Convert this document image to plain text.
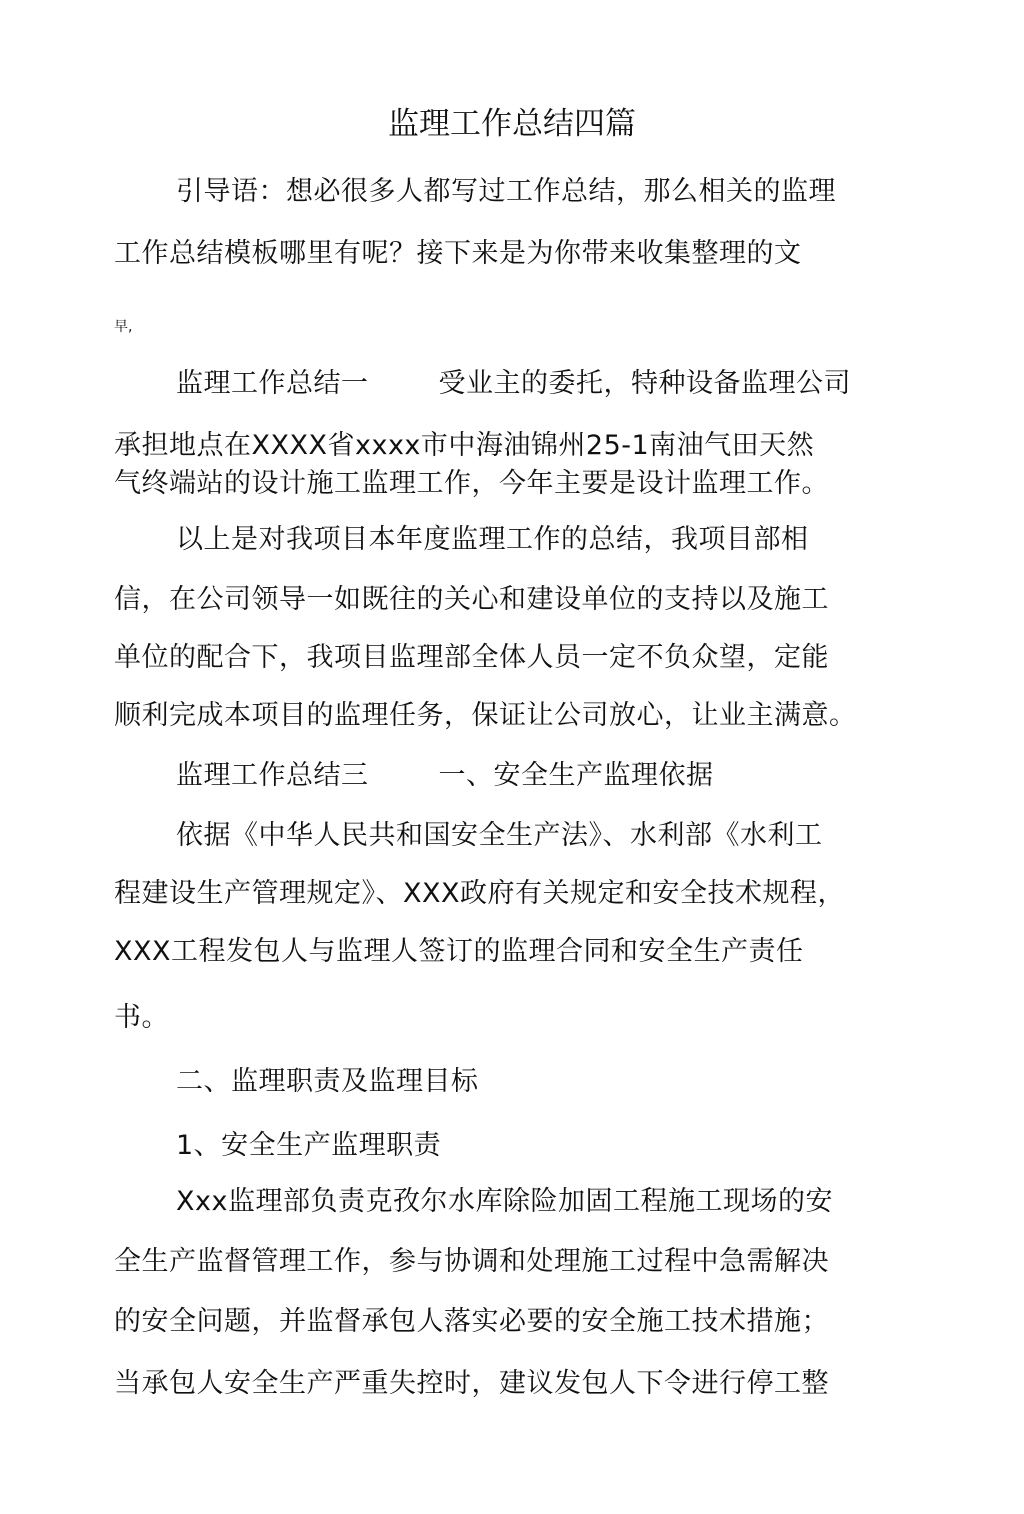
监理工作总结四篇
引导语：想必很多人都写过工作总结，那么相关的监理
工作总结模板哪里有呢？接下来是为你带来收集整理的文
早,
监理工作总结一	受业主的委托，特种设备监理公司
承担地点在XXXX省xxxx市中海油锦州25-1南油气田天然
气终端站的设计施工监理工作，今年主要是设计监理工作。
以上是对我项目本年度监理工作的总结，我项目部相
信，在公司领导一如既往的关心和建设单位的支持以及施工
单位的配合下，我项目监理部全体人员一定不负众望，定能
顺利完成本项目的监理任务，保证让公司放心，让业主满意。
监理工作总结三	一、安全生产监理依据
依据《中华人民共和国安全生产法》、水利部《水利工
程建设生产管理规定》、XXX政府有关规定和安全技术规程，
XXX工程发包人与监理人签订的监理合同和安全生产责任
书。
二、监理职责及监理目标
1、安全生产监理职责
Xxx监理部负责克孜尔水库除险加固工程施工现场的安
全生产监督管理工作，参与协调和处理施工过程中急需解决
的安全问题，并监督承包人落实必要的安全施工技术措施；
当承包人安全生产严重失控时，建议发包人下令进行停工整
